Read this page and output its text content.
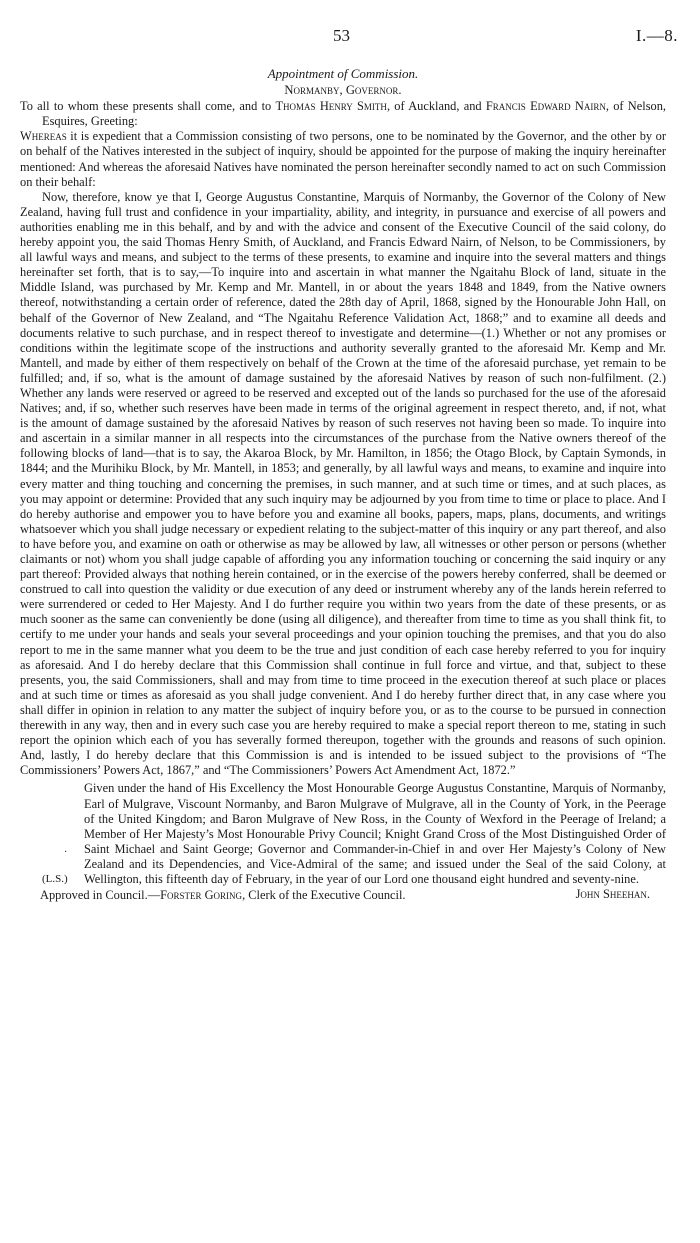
53	I.—8.

Appointment of Commission.

Normanby, Governor.

To all to whom these presents shall come, and to Thomas Henry Smith, of Auckland, and Francis Edward Nairn, of Nelson, Esquires, Greeting:

Whereas it is expedient that a Commission consisting of two persons, one to be nominated by the Governor, and the other by or on behalf of the Natives interested in the subject of inquiry, should be appointed for the purpose of making the inquiry hereinafter mentioned: And whereas the aforesaid Natives have nominated the person hereinafter secondly named to act on such Commission on their behalf:

Now, therefore, know ye that I, George Augustus Constantine, Marquis of Normanby, the Governor of the Colony of New Zealand, having full trust and confidence in your impartiality, ability, and integrity, in pursuance and exercise of all powers and authorities enabling me in this behalf, and by and with the advice and consent of the Executive Council of the said colony, do hereby appoint you, the said Thomas Henry Smith, of Auckland, and Francis Edward Nairn, of Nelson, to be Commissioners, by all lawful ways and means, and subject to the terms of these presents, to examine and inquire into the several matters and things hereinafter set forth, that is to say,—To inquire into and ascertain in what manner the Ngaitahu Block of land, situate in the Middle Island, was purchased by Mr. Kemp and Mr. Mantell, in or about the years 1848 and 1849, from the Native owners thereof, notwithstanding a certain order of reference, dated the 28th day of April, 1868, signed by the Honourable John Hall, on behalf of the Governor of New Zealand, and “The Ngaitahu Reference Validation Act, 1868;” and to examine all deeds and documents relative to such purchase, and in respect thereof to investigate and determine—(1.) Whether or not any promises or conditions within the legitimate scope of the instructions and authority severally granted to the aforesaid Mr. Kemp and Mr. Mantell, and made by either of them respectively on behalf of the Crown at the time of the aforesaid purchase, yet remain to be fulfilled; and, if so, what is the amount of damage sustained by the aforesaid Natives by reason of such non-fulfilment. (2.) Whether any lands were reserved or agreed to be reserved and excepted out of the lands so purchased for the use of the aforesaid Natives; and, if so, whether such reserves have been made in terms of the original agreement in respect thereto, and, if not, what is the amount of damage sustained by the aforesaid Natives by reason of such reserves not having been so made. To inquire into and ascertain in a similar manner in all respects into the circumstances of the purchase from the Native owners thereof of the following blocks of land—that is to say, the Akaroa Block, by Mr. Hamilton, in 1856; the Otago Block, by Captain Symonds, in 1844; and the Murihiku Block, by Mr. Mantell, in 1853; and generally, by all lawful ways and means, to examine and inquire into every matter and thing touching and concerning the premises, in such manner, and at such time or times, and at such places, as you may appoint or determine: Provided that any such inquiry may be adjourned by you from time to time or place to place. And I do hereby authorise and empower you to have before you and examine all books, papers, maps, plans, documents, and writings whatsoever which you shall judge necessary or expedient relating to the subject-matter of this inquiry or any part thereof, and also to have before you, and examine on oath or otherwise as may be allowed by law, all witnesses or other person or persons (whether claimants or not) whom you shall judge capable of affording you any information touching or concerning the said inquiry or any part thereof: Provided always that nothing herein contained, or in the exercise of the powers hereby conferred, shall be deemed or construed to call into question the validity or due execution of any deed or instrument whereby any of the lands herein referred to were surrendered or ceded to Her Majesty. And I do further require you within two years from the date of these presents, or as much sooner as the same can conveniently be done (using all diligence), and thereafter from time to time as you shall think fit, to certify to me under your hands and seals your several proceedings and your opinion touching the premises, and that you do also report to me in the same manner what you deem to be the true and just condition of each case hereby referred to you for inquiry as aforesaid. And I do hereby declare that this Commission shall continue in full force and virtue, and that, subject to these presents, you, the said Commissioners, shall and may from time to time proceed in the execution thereof at such place or places and at such time or times as aforesaid as you shall judge convenient. And I do hereby further direct that, in any case where you shall differ in opinion in relation to any matter the subject of inquiry before you, or as to the course to be pursued in connection therewith in any way, then and in every such case you are hereby required to make a special report thereon to me, stating in such report the opinion which each of you has severally formed thereupon, together with the grounds and reasons of such opinion. And, lastly, I do hereby declare that this Commission is and is intended to be issued subject to the provisions of “The Commissioners’ Powers Act, 1867,” and “The Commissioners’ Powers Act Amendment Act, 1872.”

·
(L.S.)
Given under the hand of His Excellency the Most Honourable George Augustus Constantine, Marquis of Normanby, Earl of Mulgrave, Viscount Normanby, and Baron Mulgrave of Mulgrave, all in the County of York, in the Peerage of the United Kingdom; and Baron Mulgrave of New Ross, in the County of Wexford in the Peerage of Ireland; a Member of Her Majesty’s Most Honourable Privy Council; Knight Grand Cross of the Most Distinguished Order of Saint Michael and Saint George; Governor and Commander-in-Chief in and over Her Majesty’s Colony of New Zealand and its Dependencies, and Vice-Admiral of the same; and issued under the Seal of the said Colony, at Wellington, this fifteenth day of February, in the year of our Lord one thousand eight hundred and seventy-nine.
John Sheehan.

Approved in Council.—Forster Goring, Clerk of the Executive Council.
